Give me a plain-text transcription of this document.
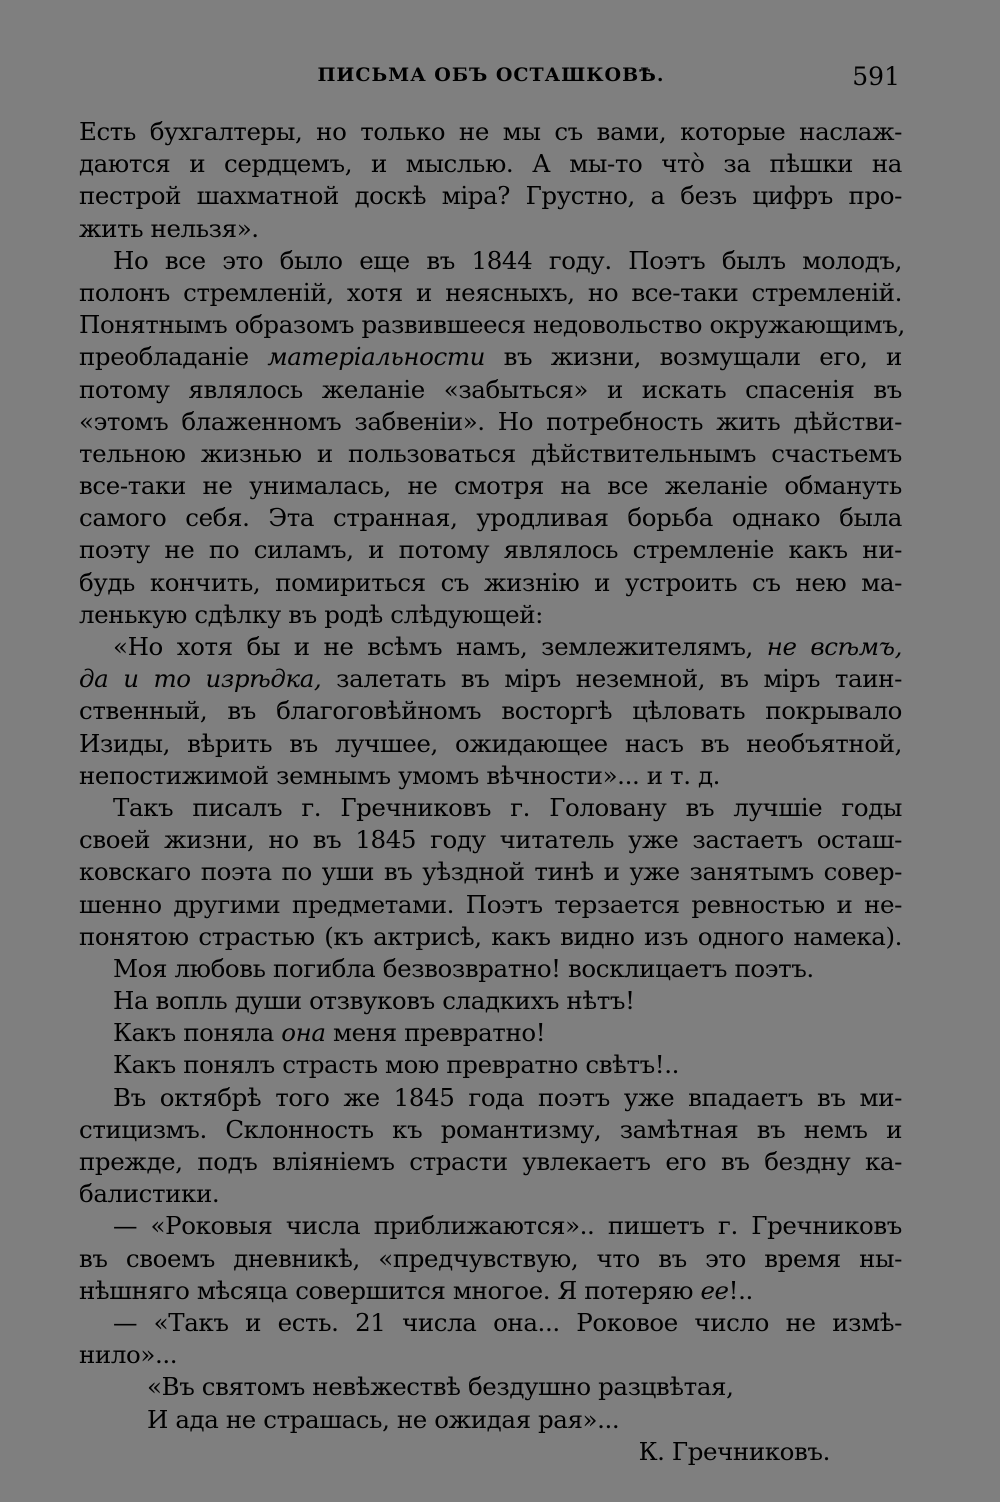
ПИСЬМА ОБЪ ОСТАШКОВѢ.	591
Есть бухгалтеры, но только не мы съ вами, которые наслаж-
даются и сердцемъ, и мыслью. А мы-то чтò за пѣшки на
пестрой шахматной доскѣ міра? Грустно, а безъ цифръ про-
жить нельзя».
Но все это было еще въ 1844 году. Поэтъ былъ молодъ,
полонъ стремленій, хотя и неясныхъ, но все-таки стремленій.
Понятнымъ образомъ развившееся недовольство окружающимъ,
преобладаніе матеріальности въ жизни, возмущали его, и
потому являлось желаніе «забыться» и искать спасенія въ
«этомъ блаженномъ забвеніи». Но потребность жить дѣйстви-
тельною жизнью и пользоваться дѣйствительнымъ счастьемъ
все-таки не унималась, не смотря на все желаніе обмануть
самого себя. Эта странная, уродливая борьба однако была
поэту не по силамъ, и потому являлось стремленіе какъ ни-
будь кончить, помириться съ жизнію и устроить съ нею ма-
ленькую сдѣлку въ родѣ слѣдующей:
«Но хотя бы и не всѣмъ намъ, землежителямъ, не всѣмъ,
да и то изрѣдка, залетать въ міръ неземной, въ міръ таин-
ственный, въ благоговѣйномъ восторгѣ цѣловать покрывало
Изиды, вѣрить въ лучшее, ожидающее насъ въ необъятной,
непостижимой земнымъ умомъ вѣчности»... и т. д.
Такъ писалъ г. Гречниковъ г. Головану въ лучшіе годы
своей жизни, но въ 1845 году читатель уже застаетъ осташ-
ковскаго поэта по уши въ уѣздной тинѣ и уже занятымъ совер-
шенно другими предметами. Поэтъ терзается ревностью и не-
понятою страстью (къ актрисѣ, какъ видно изъ одного намека).
Моя любовь погибла безвозвратно! восклицаетъ поэтъ.
На вопль души отзвуковъ сладкихъ нѣтъ!
Какъ поняла она меня превратно!
Какъ понялъ страсть мою превратно свѣтъ!..
Въ октябрѣ того же 1845 года поэтъ уже впадаетъ въ ми-
стицизмъ. Склонность къ романтизму, замѣтная въ немъ и
прежде, подъ вліяніемъ страсти увлекаетъ его въ бездну ка-
балистики.
— «Роковыя числа приближаются».. пишетъ г. Гречниковъ
въ своемъ дневникѣ, «предчувствую, что въ это время ны-
нѣшняго мѣсяца совершится многое. Я потеряю ее!..
— «Такъ и есть. 21 числа она... Роковое число не измѣ-
нило»...
«Въ святомъ невѣжествѣ бездушно разцвѣтая,
И ада не страшась, не ожидая рая»...
К. Гречниковъ.
